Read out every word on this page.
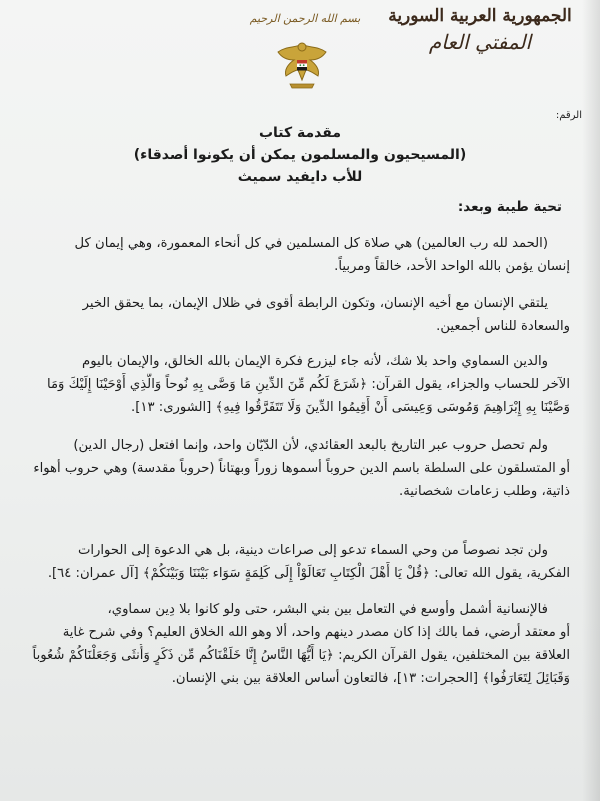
الجمهورية العربية السورية
المفتي العام
بسم الله الرحمن الرحيم
الرقم:
مقدمة كتاب
(المسيحيون والمسلمون يمكن أن يكونوا أصدقاء)
للأب دايفيد سميث
تحية طيبة وبعد:
(الحمد لله رب العالمين) هي صلاة كل المسلمين في كل أنحاء المعمورة، وهي إيمان كل
إنسان يؤمن بالله الواحد الأحد، خالقاً ومربياً.
يلتقي الإنسان مع أخيه الإنسان، وتكون الرابطة أقوى في ظلال الإيمان، بما يحقق الخير
والسعادة للناس أجمعين.
والدين السماوي واحد بلا شك، لأنه جاء ليزرع فكرة الإيمان بالله الخالق، والإيمان باليوم
الآخر للحساب والجزاء، يقول القرآن: ﴿شَرَعَ لَكُم مِّنَ الدِّينِ مَا وَصَّى بِهِ نُوحاً وَالَّذِي أَوْحَيْنَا إِلَيْكَ وَمَا
وَصَّيْنَا بِهِ إِبْرَاهِيمَ وَمُوسَى وَعِيسَى أَنْ أَقِيمُوا الدِّينَ وَلَا تَتَفَرَّقُوا فِيهِ﴾ [الشورى: ١٣].
ولم تحصل حروب عبر التاريخ بالبعد العقائدي، لأن الدّيّان واحد، وإنما افتعل (رجال الدين)
أو المتسلقون على السلطة باسم الدين حروباً أسموها زوراً وبهتاناً (حروباً مقدسة) وهي حروب أهواء
ذاتية، وطلب زعامات شخصانية.
ولن تجد نصوصاً من وحي السماء تدعو إلى صراعات دينية، بل هي الدعوة إلى الحوارات
الفكرية، يقول الله تعالى: ﴿قُلْ يَا أَهْلَ الْكِتَابِ تَعَالَوْاْ إِلَى كَلِمَةٍ سَوَاء بَيْنَنَا وَبَيْنَكُمْ﴾ [آل عمران: ٦٤].
فالإنسانية أشمل وأوسع في التعامل بين بني البشر، حتى ولو كانوا بلا دِين سماوي،
أو معتقد أرضي، فما بالك إذا كان مصدر دينهم واحد، ألا وهو الله الخلاق العليم؟ وفي شرح غاية
العلاقة بين المختلفين، يقول القرآن الكريم: ﴿يَا أَيُّهَا النَّاسُ إِنَّا خَلَقْنَاكُم مِّن ذَكَرٍ وَأُنثَى وَجَعَلْنَاكُمْ شُعُوباً
وَقَبَائِلَ لِتَعَارَفُوا﴾ [الحجرات: ١٣]، فالتعاون أساس العلاقة بين بني الإنسان.
